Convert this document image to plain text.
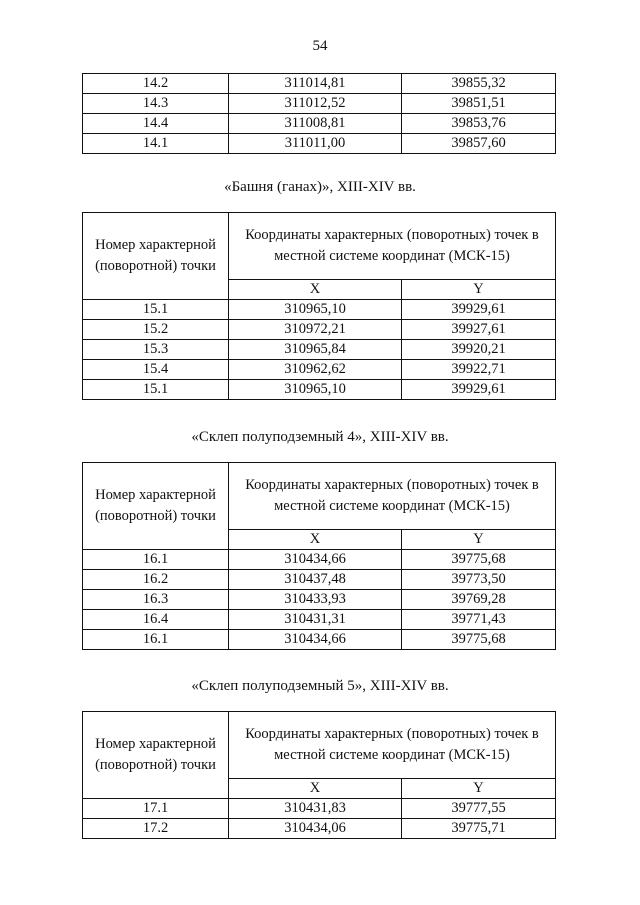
54
14.2	311014,81	39855,32
14.3	311012,52	39851,51
14.4	311008,81	39853,76
14.1	311011,00	39857,60
«Башня (ганах)», XIII-XIV вв.
Номер характерной (поворотной) точки	Координаты характерных (поворотных) точек в местной системе координат (МСК-15)	
	X	Y
15.1	310965,10	39929,61
15.2	310972,21	39927,61
15.3	310965,84	39920,21
15.4	310962,62	39922,71
15.1	310965,10	39929,61
«Склеп полуподземный 4», XIII-XIV вв.
Номер характерной (поворотной) точки	Координаты характерных (поворотных) точек в местной системе координат (МСК-15)	
	X	Y
16.1	310434,66	39775,68
16.2	310437,48	39773,50
16.3	310433,93	39769,28
16.4	310431,31	39771,43
16.1	310434,66	39775,68
«Склеп полуподземный 5», XIII-XIV вв.
Номер характерной (поворотной) точки	Координаты характерных (поворотных) точек в местной системе координат (МСК-15)	
	X	Y
17.1	310431,83	39777,55
17.2	310434,06	39775,71
